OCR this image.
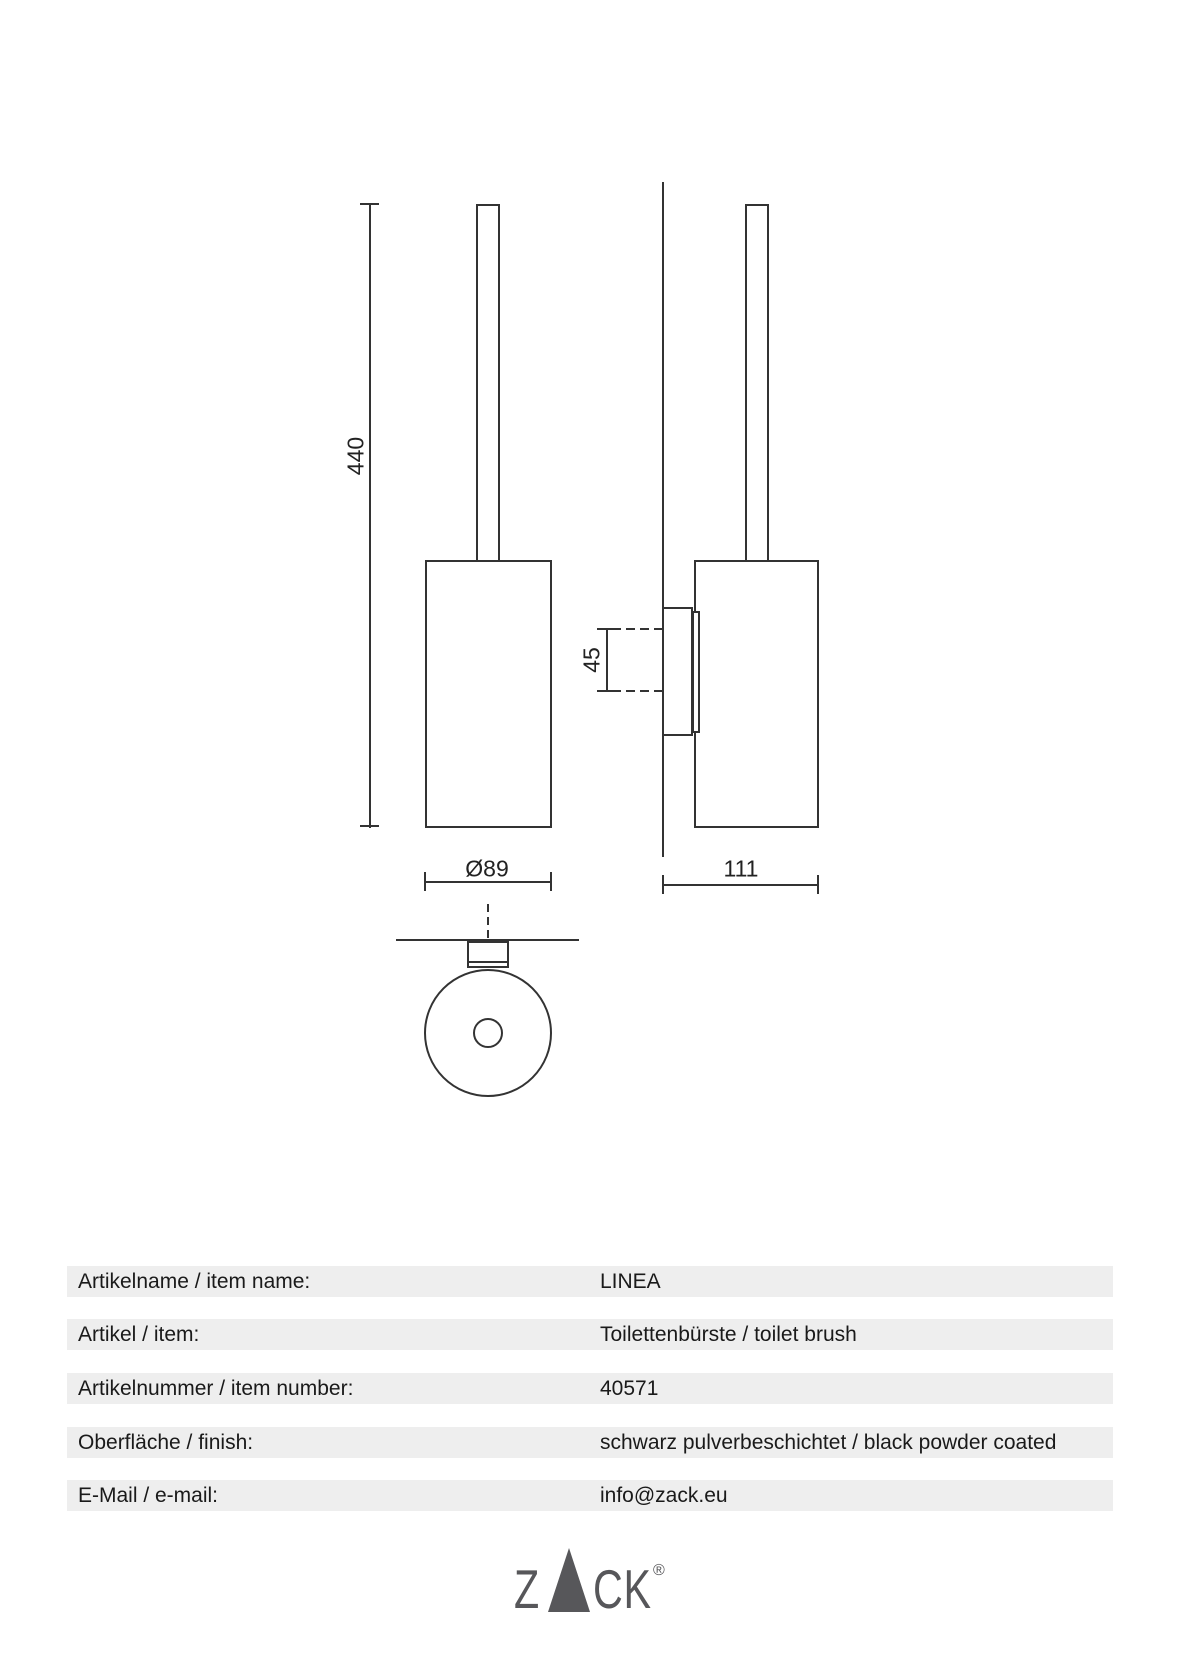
440
Ø89
45
111
Artikelname / item name:	LINEA
Artikel / item:	Toilettenbürste / toilet brush
Artikelnummer / item number:	40571
Oberfläche / finish:	schwarz pulverbeschichtet / black powder coated
E-Mail / e-mail:	info@zack.eu
Z CK ®
